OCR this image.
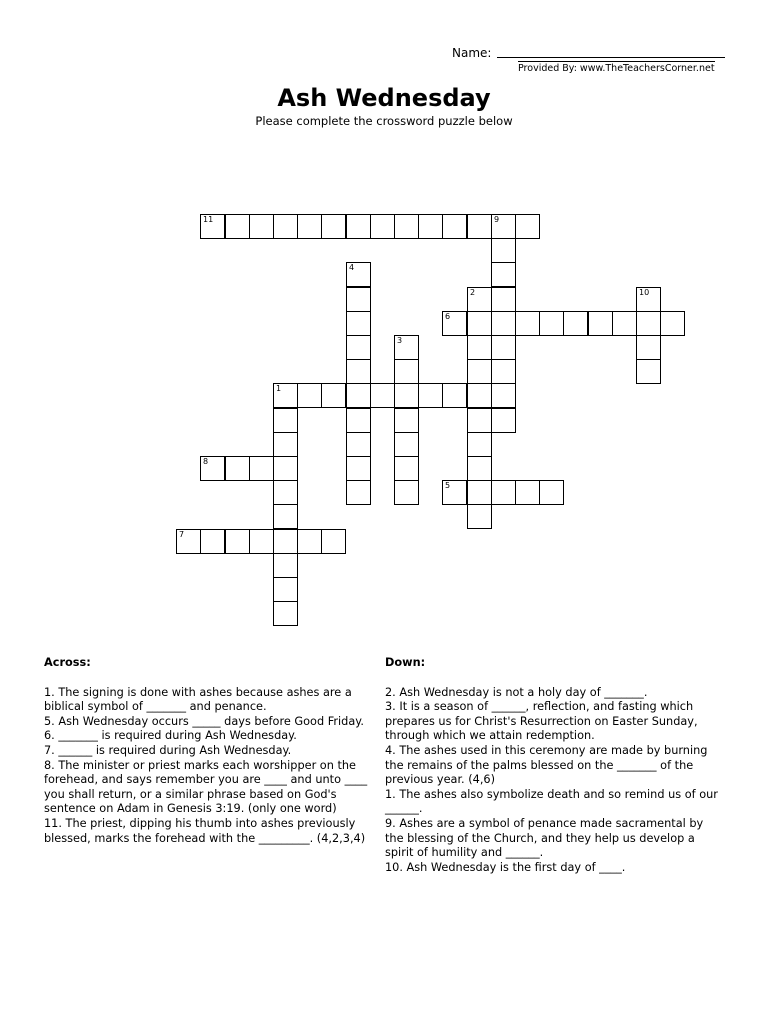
Name:
Provided By: www.TheTeachersCorner.net
Ash Wednesday
Please complete the crossword puzzle below
11	9
4
2	10
6
3
1
8
5
7
Across:

1. The signing is done with ashes because ashes are a biblical symbol of _______ and penance.

5. Ash Wednesday occurs _____ days before Good Friday.

6. _______ is required during Ash Wednesday.

7. ______ is required during Ash Wednesday.

8. The minister or priest marks each worshipper on the forehead, and says remember you are ____ and unto ____ you shall return, or a similar phrase based on God's sentence on Adam in Genesis 3:19. (only one word)

11. The priest, dipping his thumb into ashes previously blessed, marks the forehead with the _________. (4,2,3,4)

Down:

2. Ash Wednesday is not a holy day of _______.

3. It is a season of ______, reflection, and fasting which prepares us for Christ's Resurrection on Easter Sunday, through which we attain redemption.

4. The ashes used in this ceremony are made by burning the remains of the palms blessed on the _______ of the previous year. (4,6)

1. The ashes also symbolize death and so remind us of our ______.

9. Ashes are a symbol of penance made sacramental by the blessing of the Church, and they help us develop a spirit of humility and ______.

10. Ash Wednesday is the first day of ____.
